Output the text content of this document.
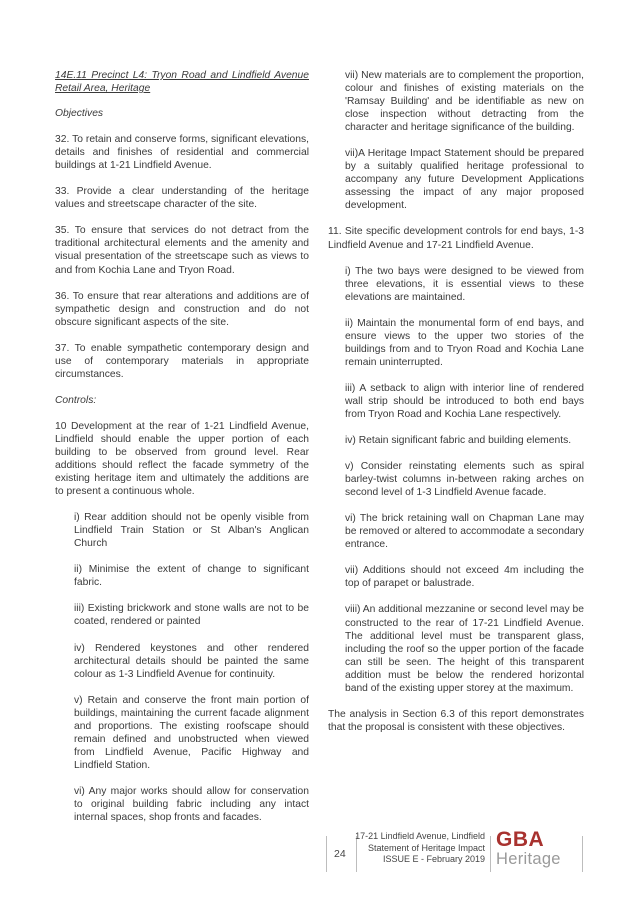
14E.11 Precinct L4: Tryon Road and Lindfield Avenue Retail Area, Heritage

Objectives

32. To retain and conserve forms, significant elevations, details and finishes of residential and commercial buildings at 1-21 Lindfield Avenue.

33. Provide a clear understanding of the heritage values and streetscape character of the site.

35. To ensure that services do not detract from the traditional architectural elements and the amenity and visual presentation of the streetscape such as views to and from Kochia Lane and Tryon Road.

36. To ensure that rear alterations and additions are of sympathetic design and construction and do not obscure significant aspects of the site.

37. To enable sympathetic contemporary design and use of contemporary materials in appropriate circumstances.

Controls:

10 Development at the rear of 1-21 Lindfield Avenue, Lindfield should enable the upper portion of each building to be observed from ground level. Rear additions should reflect the facade symmetry of the existing heritage item and ultimately the additions are to present a continuous whole.

i) Rear addition should not be openly visible from Lindfield Train Station or St Alban's Anglican Church

ii) Minimise the extent of change to significant fabric.

iii) Existing brickwork and stone walls are not to be coated, rendered or painted

iv) Rendered keystones and other rendered architectural details should be painted the same colour as 1-3 Lindfield Avenue for continuity.

v) Retain and conserve the front main portion of buildings, maintaining the current facade alignment and proportions. The existing roofscape should remain defined and unobstructed when viewed from Lindfield Avenue, Pacific Highway and Lindfield Station.

vi) Any major works should allow for conservation to original building fabric including any intact internal spaces, shop fronts and facades.

vii) New materials are to complement the proportion, colour and finishes of existing materials on the 'Ramsay Building' and be identifiable as new on close inspection without detracting from the character and heritage significance of the building.

vii)A Heritage Impact Statement should be prepared by a suitably qualified heritage professional to accompany any future Development Applications assessing the impact of any major proposed development.

11. Site specific development controls for end bays, 1-3 Lindfield Avenue and 17-21 Lindfield Avenue.

i) The two bays were designed to be viewed from three elevations, it is essential views to these elevations are maintained.

ii) Maintain the monumental form of end bays, and ensure views to the upper two stories of the buildings from and to Tryon Road and Kochia Lane remain uninterrupted.

iii) A setback to align with interior line of rendered wall strip should be introduced to both end bays from Tryon Road and Kochia Lane respectively.

iv) Retain significant fabric and building elements.

v) Consider reinstating elements such as spiral barley-twist columns in-between raking arches on second level of 1-3 Lindfield Avenue facade.

vi) The brick retaining wall on Chapman Lane may be removed or altered to accommodate a secondary entrance.

vii) Additions should not exceed 4m including the top of parapet or balustrade.

viii) An additional mezzanine or second level may be constructed to the rear of 17-21 Lindfield Avenue. The additional level must be transparent glass, including the roof so the upper portion of the facade can still be seen. The height of this transparent addition must be below the rendered horizontal band of the existing upper storey at the maximum.

The analysis in Section 6.3 of this report demonstrates that the proposal is consistent with these objectives.

24
17-21 Lindfield Avenue, Lindfield
Statement of Heritage Impact
ISSUE E - February 2019
GBA
Heritage
